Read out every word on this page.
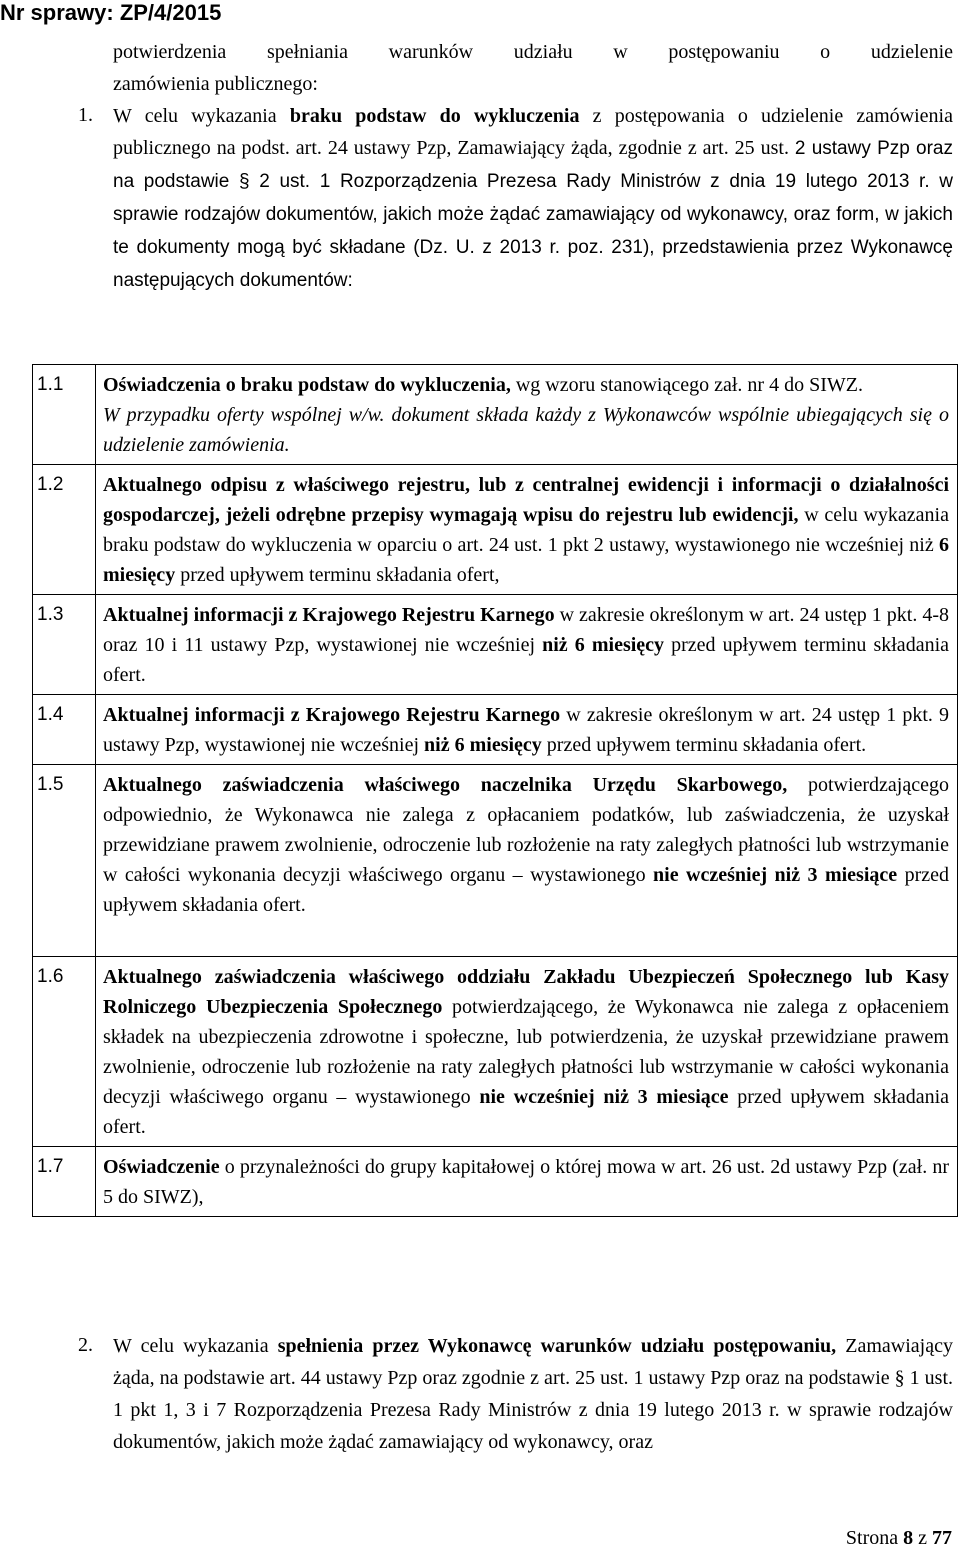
Nr sprawy: ZP/4/2015
potwierdzenia spełniania warunków udziału w postępowaniu o udzielenie
zamówienia publicznego:
1. W celu wykazania braku podstaw do wykluczenia z postępowania o udzielenie zamówienia publicznego na podst. art. 24 ustawy Pzp, Zamawiający żąda, zgodnie z art. 25 ust. 2 ustawy Pzp oraz na podstawie § 2 ust. 1 Rozporządzenia Prezesa Rady Ministrów z dnia 19 lutego 2013 r. w sprawie rodzajów dokumentów, jakich może żądać zamawiający od wykonawcy, oraz form, w jakich te dokumenty mogą być składane (Dz. U. z 2013 r. poz. 231), przedstawienia przez Wykonawcę następujących dokumentów:
1.1	Oświadczenia o braku podstaw do wykluczenia, wg wzoru stanowiącego zał. nr 4 do SIWZ.
W przypadku oferty wspólnej w/w. dokument składa każdy z Wykonawców wspólnie ubiegających się o udzielenie zamówienia.
1.2	Aktualnego odpisu z właściwego rejestru, lub z centralnej ewidencji i informacji o działalności gospodarczej, jeżeli odrębne przepisy wymagają wpisu do rejestru lub ewidencji, w celu wykazania braku podstaw do wykluczenia w oparciu o art. 24 ust. 1 pkt 2 ustawy, wystawionego nie wcześniej niż 6 miesięcy przed upływem terminu składania ofert,
1.3	Aktualnej informacji z Krajowego Rejestru Karnego w zakresie określonym w art. 24 ustęp 1 pkt. 4-8 oraz 10 i 11 ustawy Pzp, wystawionej nie wcześniej niż 6 miesięcy przed upływem terminu składania ofert.
1.4	Aktualnej informacji z Krajowego Rejestru Karnego w zakresie określonym w art. 24 ustęp 1 pkt. 9 ustawy Pzp, wystawionej nie wcześniej niż 6 miesięcy przed upływem terminu składania ofert.
1.5	Aktualnego zaświadczenia właściwego naczelnika Urzędu Skarbowego, potwierdzającego odpowiednio, że Wykonawca nie zalega z opłacaniem podatków, lub zaświadczenia, że uzyskał przewidziane prawem zwolnienie, odroczenie lub rozłożenie na raty zaległych płatności lub wstrzymanie w całości wykonania decyzji właściwego organu – wystawionego nie wcześniej niż 3 miesiące przed upływem składania ofert.
1.6	Aktualnego zaświadczenia właściwego oddziału Zakładu Ubezpieczeń Społecznego lub Kasy Rolniczego Ubezpieczenia Społecznego potwierdzającego, że Wykonawca nie zalega z opłaceniem składek na ubezpieczenia zdrowotne i społeczne, lub potwierdzenia, że uzyskał przewidziane prawem zwolnienie, odroczenie lub rozłożenie na raty zaległych płatności lub wstrzymanie w całości wykonania decyzji właściwego organu – wystawionego nie wcześniej niż 3 miesiące przed upływem składania ofert.
1.7	Oświadczenie o przynależności do grupy kapitałowej o której mowa w art. 26 ust. 2d ustawy Pzp (zał. nr 5 do SIWZ),
2. W celu wykazania spełnienia przez Wykonawcę warunków udziału postępowaniu, Zamawiający żąda, na podstawie art. 44 ustawy Pzp oraz zgodnie z art. 25 ust. 1 ustawy Pzp oraz na podstawie § 1 ust. 1 pkt 1, 3 i 7 Rozporządzenia Prezesa Rady Ministrów z dnia 19 lutego 2013 r. w sprawie rodzajów dokumentów, jakich może żądać zamawiający od wykonawcy, oraz
Strona 8 z 77
